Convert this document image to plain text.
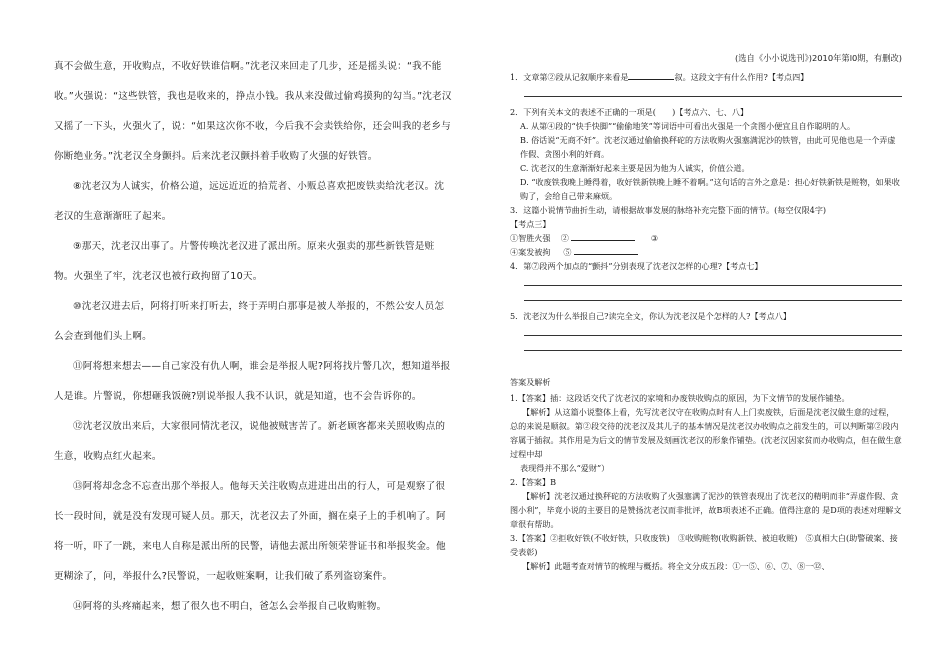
真不会做生意，开收购点，不收好铁谁信啊。”沈老汉来回走了几步，还是摇头说：“我不能收。”火强说：“这些铁管，我也是收来的，挣点小钱。我从来没做过偷鸡摸狗的勾当。”沈老汉又摇了一下头，火强火了，说：“如果这次你不收，今后我不会卖铁给你，还会叫我的老乡与你断绝业务。”沈老汉全身颤抖。后来沈老汉颤抖着手收购了火强的好铁管。

⑧沈老汉为人诚实，价格公道，远远近近的拾荒者、小贩总喜欢把废铁卖给沈老汉。沈老汉的生意渐渐旺了起来。

⑨那天，沈老汉出事了。片警传唤沈老汉进了派出所。原来火强卖的那些新铁管是赃物。火强坐了牢，沈老汉也被行政拘留了10天。

⑩沈老汉进去后，阿将打听来打听去，终于弄明白那事是被人举报的，不然公安人员怎么会查到他们头上啊。

⑪阿将想来想去——自己家没有仇人啊，谁会是举报人呢?阿将找片警几次，想知道举报人是谁。片警说，你想砸我饭碗?别说举报人我不认识，就是知道，也不会告诉你的。

⑫沈老汉放出来后，大家很同情沈老汉，说他被贼害苦了。新老顾客都来关照收购点的生意，收购点红火起来。

⑬阿将却念念不忘查出那个举报人。他每天关注收购点进进出出的行人，可是观察了很长一段时间，就是没有发现可疑人员。那天，沈老汉去了外面，搁在桌子上的手机响了。阿将一听，吓了一跳，来电人自称是派出所的民警，请他去派出所领荣誉证书和举报奖金。他更糊涂了，问，举报什么?民警说，一起收赃案啊，让我们破了系列盗窃案件。

⑭阿将的头疼痛起来，想了很久也不明白，爸怎么会举报自己收购赃物。

(选自《小小说选刊》)2010年第l0期，有删改)

1．文章第②段从记叙顺序来看是	叙。这段文字有什么作用?【考点四】

2．下列有关本文的表述不正确的一项是(　　)【考点六、七、八】

A. 从第④段的“快手快脚”“偷偷地笑”等词语中可看出火强是一个贪图小便宜且自作聪明的人。

B. 俗话说“无商不奸”。沈老汉通过偷偷换秤砣的方法收购火强塞满泥沙的铁管，由此可见他也是一个弄虚作假、贪图小利的奸商。

C. 沈老汉的生意渐渐好起来主要是因为他为人诚实，价值公道。

D. “收废铁我晚上睡得着，收好铁新铁晚上睡不着啊。”这句话的言外之意是：担心好铁新铁是赃物，如果收购了，会给自己带来麻烦。

3．这篇小说情节曲折生动，请根据故事发展的脉络补充完整下面的情节。(每空仅限4字)

【考点三】

①智胜火强 ②	③

④案发被拘 ⑤

4．第⑦段两个加点的“颤抖”分别表现了沈老汉怎样的心理?【考点七】

5．沈老汉为什么举报自己?读完全文，你认为沈老汉是个怎样的人?【考点八】

答案及解析

1.【答案】插：这段话交代了沈老汉的家境和办废铁收购点的原因，为下文情节的发展作铺垫。

【解析】从这篇小说整体上看，先写沈老汉守在收购点时有人上门卖废铁，后面是沈老汉做生意的过程，总的来说是顺叙。第②段交待的沈老汉及其儿子的基本情况是沈老汉办收购点之前发生的，可以判断第②段内容属于插叙。其作用是为后文的情节发展及刻画沈老汉的形象作铺垫。(沈老汉因家贫而办收购点，但在做生意过程中却

表现得并不那么“爱财”）

2.【答案】B

【解析】沈老汉通过换秤砣的方法收购了火强塞满了泥沙的铁管表现出了沈老汉的精明而非“弄虚作假、贪图小利”，毕竟小说的主要目的是赞扬沈老汉而非批评，故B项表述不正确。值得注意的 是D项的表述对理解文章很有帮助。

3.【答案】②拒收好铁(不收好铁，只收废铁)　③收购赃物(收购新铁、被迫收赃)　⑤真相大白(助警破案、接受表彰)

【解析】此题考查对情节的梳理与概括。将全文分成五段：①一⑤、⑥、⑦、⑧一⑫、
